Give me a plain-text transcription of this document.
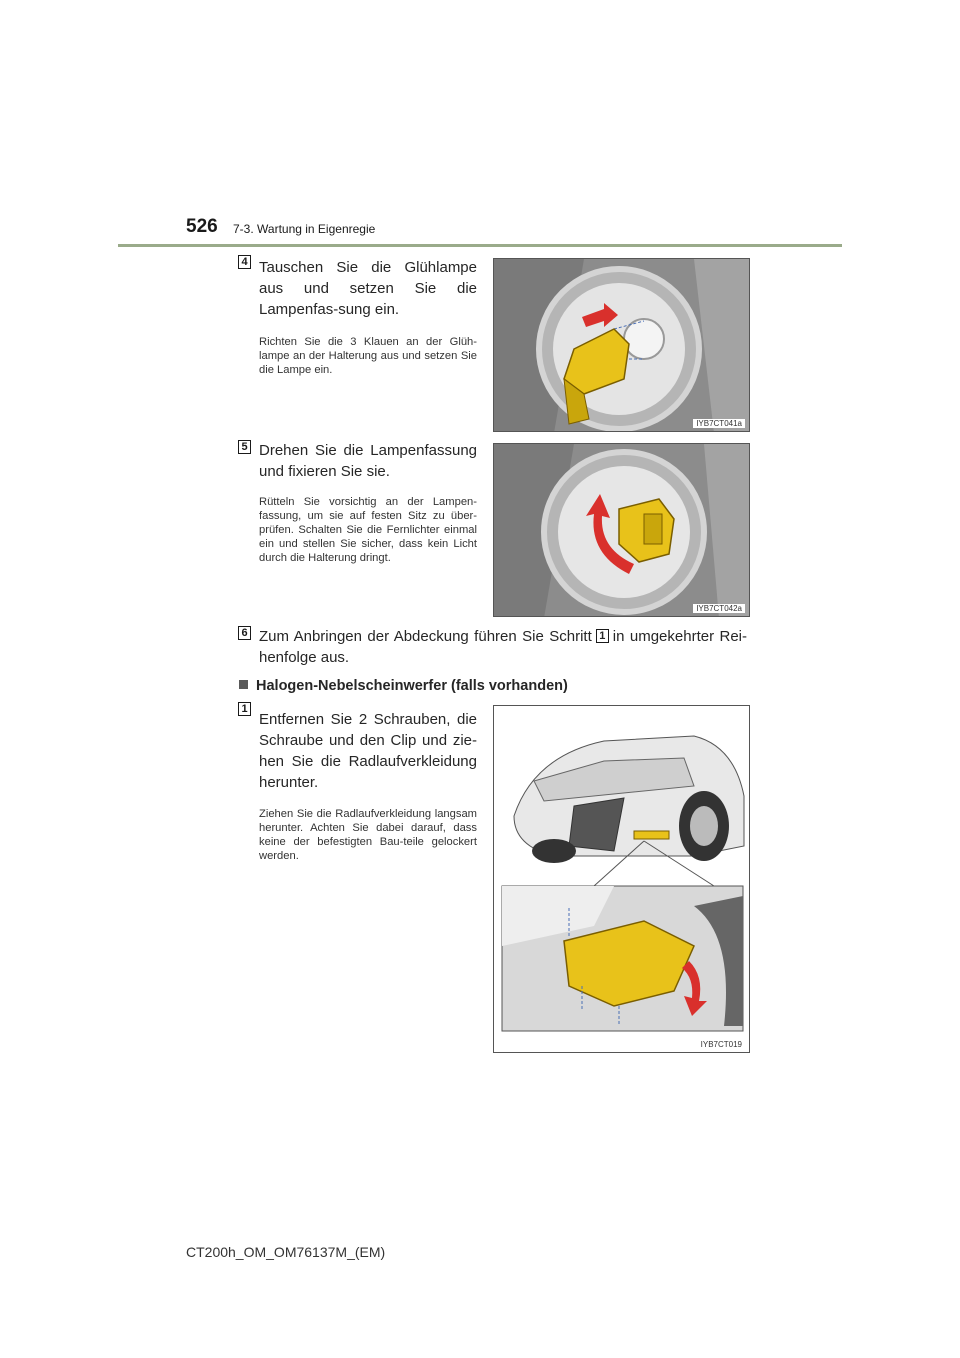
526 7-3. Wartung in Eigenregie
4 Tauschen Sie die Glühlampe aus und setzen Sie die Lampenfas-sung ein.
Richten Sie die 3 Klauen an der Glüh-lampe an der Halterung aus und setzen Sie die Lampe ein.
IYB7CT041a
5 Drehen Sie die Lampenfassung und fixieren Sie sie.
Rütteln Sie vorsichtig an der Lampen-fassung, um sie auf festen Sitz zu über-prüfen. Schalten Sie die Fernlichter einmal ein und stellen Sie sicher, dass kein Licht durch die Halterung dringt.
IYB7CT042a
6 Zum Anbringen der Abdeckung führen Sie Schritt 1 in umgekehrter Rei-henfolge aus.
Halogen-Nebelscheinwerfer (falls vorhanden)
1
Entfernen Sie 2 Schrauben, die Schraube und den Clip und zie-hen Sie die Radlaufverkleidung herunter.
Ziehen Sie die Radlaufverkleidung langsam herunter. Achten Sie dabei darauf, dass keine der befestigten Bau-teile gelockert werden.
IYB7CT019
CT200h_OM_OM76137M_(EM)
